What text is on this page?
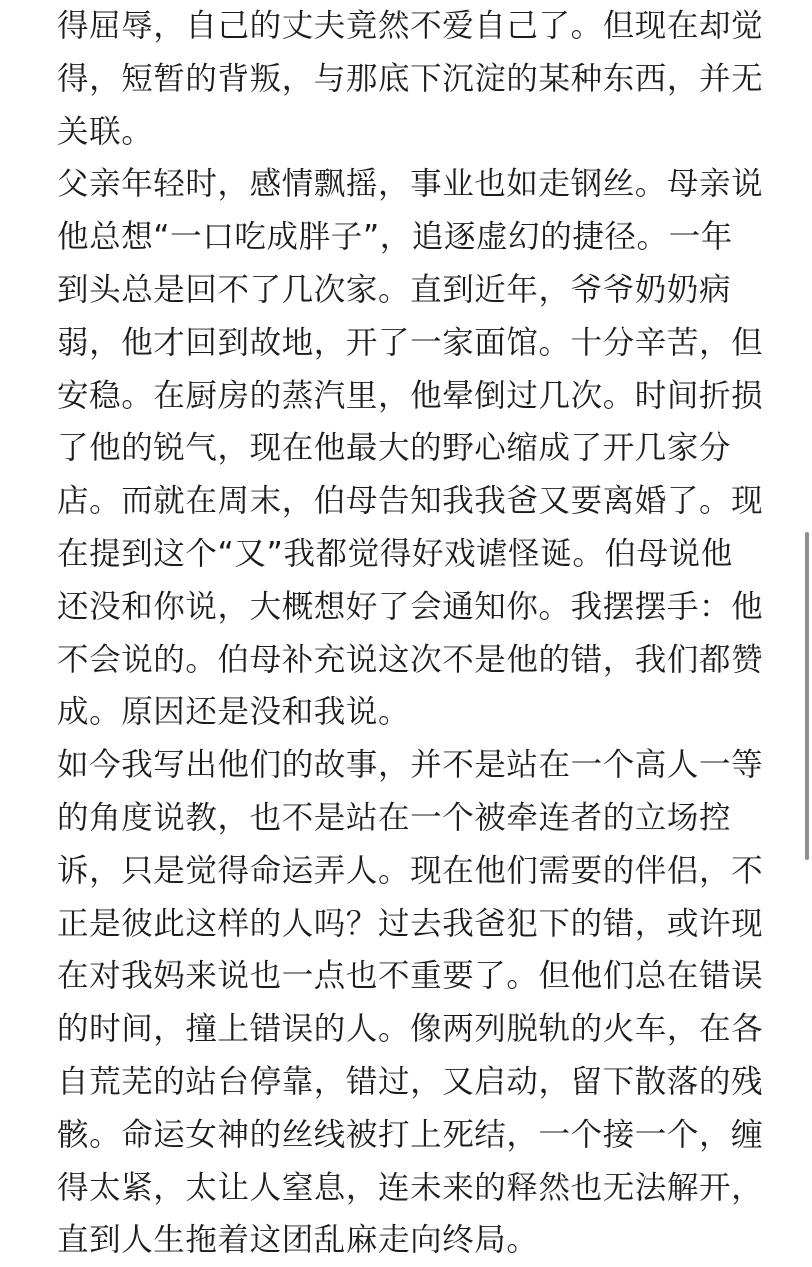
得屈辱，自己的丈夫竟然不爱自己了。但现在却觉
得，短暂的背叛，与那底下沉淀的某种东西，并无
关联。
父亲年轻时，感情飘摇，事业也如走钢丝。母亲说
他总想“一口吃成胖子”，追逐虚幻的捷径。一年
到头总是回不了几次家。直到近年，爷爷奶奶病
弱，他才回到故地，开了一家面馆。十分辛苦，但
安稳。在厨房的蒸汽里，他晕倒过几次。时间折损
了他的锐气，现在他最大的野心缩成了开几家分
店。而就在周末，伯母告知我我爸又要离婚了。现
在提到这个“又”我都觉得好戏谑怪诞。伯母说他
还没和你说，大概想好了会通知你。我摆摆手：他
不会说的。伯母补充说这次不是他的错，我们都赞
成。原因还是没和我说。
如今我写出他们的故事，并不是站在一个高人一等
的角度说教，也不是站在一个被牵连者的立场控
诉，只是觉得命运弄人。现在他们需要的伴侣，不
正是彼此这样的人吗？过去我爸犯下的错，或许现
在对我妈来说也一点也不重要了。但他们总在错误
的时间，撞上错误的人。像两列脱轨的火车，在各
自荒芜的站台停靠，错过，又启动，留下散落的残
骸。命运女神的丝线被打上死结，一个接一个，缠
得太紧，太让人窒息，连未来的释然也无法解开，
直到人生拖着这团乱麻走向终局。
